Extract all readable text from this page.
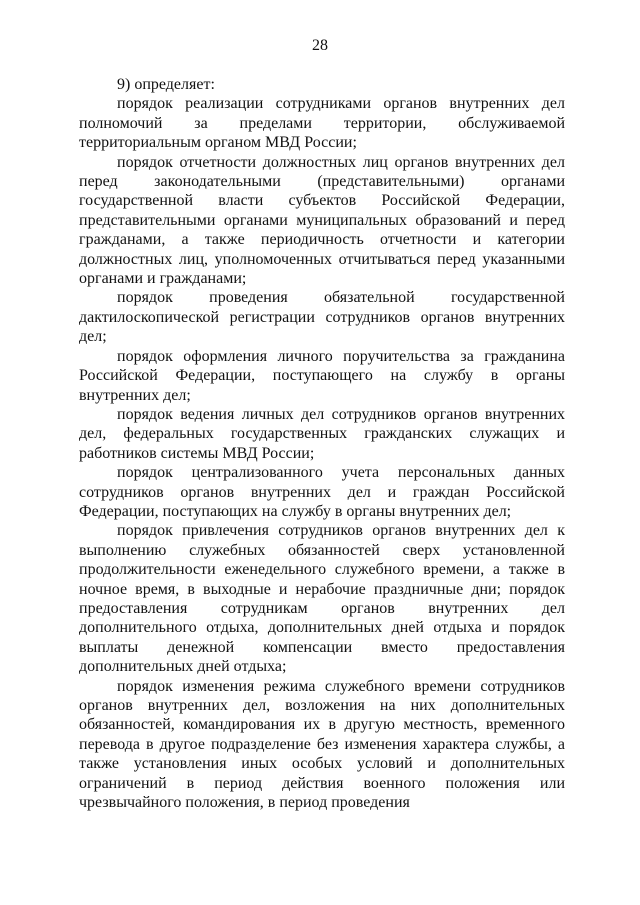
28

9) определяет:

порядок реализации сотрудниками органов внутренних дел полномочий за пределами территории, обслуживаемой территориальным органом МВД России;

порядок отчетности должностных лиц органов внутренних дел перед законодательными (представительными) органами государственной власти субъектов Российской Федерации, представительными органами муниципальных образований и перед гражданами, а также периодичность отчетности и категории должностных лиц, уполномоченных отчитываться перед указанными органами и гражданами;

порядок проведения обязательной государственной дактилоскопической регистрации сотрудников органов внутренних дел;

порядок оформления личного поручительства за гражданина Российской Федерации, поступающего на службу в органы внутренних дел;

порядок ведения личных дел сотрудников органов внутренних дел, федеральных государственных гражданских служащих и работников системы МВД России;

порядок централизованного учета персональных данных сотрудников органов внутренних дел и граждан Российской Федерации, поступающих на службу в органы внутренних дел;

порядок привлечения сотрудников органов внутренних дел к выполнению служебных обязанностей сверх установленной продолжительности еженедельного служебного времени, а также в ночное время, в выходные и нерабочие праздничные дни; порядок предоставления сотрудникам органов внутренних дел дополнительного отдыха, дополнительных дней отдыха и порядок выплаты денежной компенсации вместо предоставления дополнительных дней отдыха;

порядок изменения режима служебного времени сотрудников органов внутренних дел, возложения на них дополнительных обязанностей, командирования их в другую местность, временного перевода в другое подразделение без изменения характера службы, а также установления иных особых условий и дополнительных ограничений в период действия военного положения или чрезвычайного положения, в период проведения
